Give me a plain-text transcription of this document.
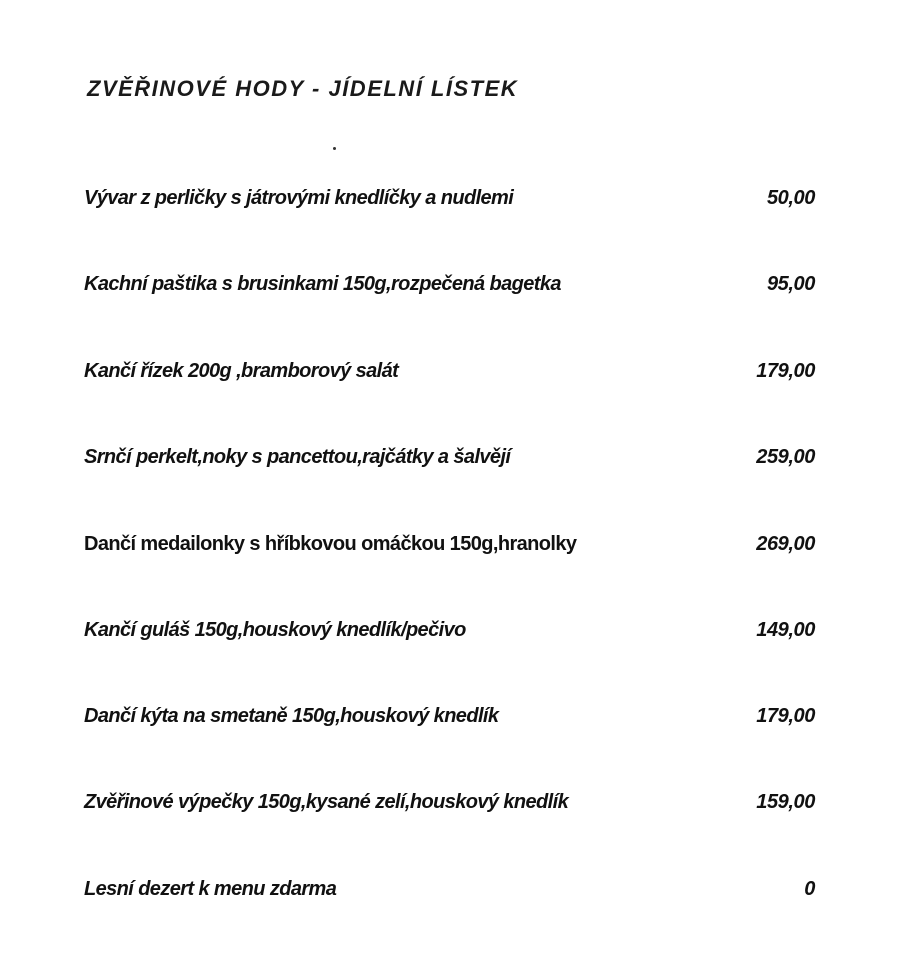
ZVĚŘINOVÉ HODY - JÍDELNÍ LÍSTEK
Vývar z perličky s játrovými knedlíčky a nudlemi	50,00
Kachní paštika s brusinkami 150g,rozpečená bagetka	95,00
Kančí řízek 200g ,bramborový salát	179,00
Srnčí perkelt,noky s pancettou,rajčátky a šalvějí	259,00
Dančí medailonky s hříbkovou omáčkou 150g,hranolky	269,00
Kančí guláš 150g,houskový knedlík/pečivo	149,00
Dančí kýta na smetaně 150g,houskový knedlík	179,00
Zvěřinové výpečky 150g,kysané zelí,houskový knedlík	159,00
Lesní dezert k menu zdarma	0
